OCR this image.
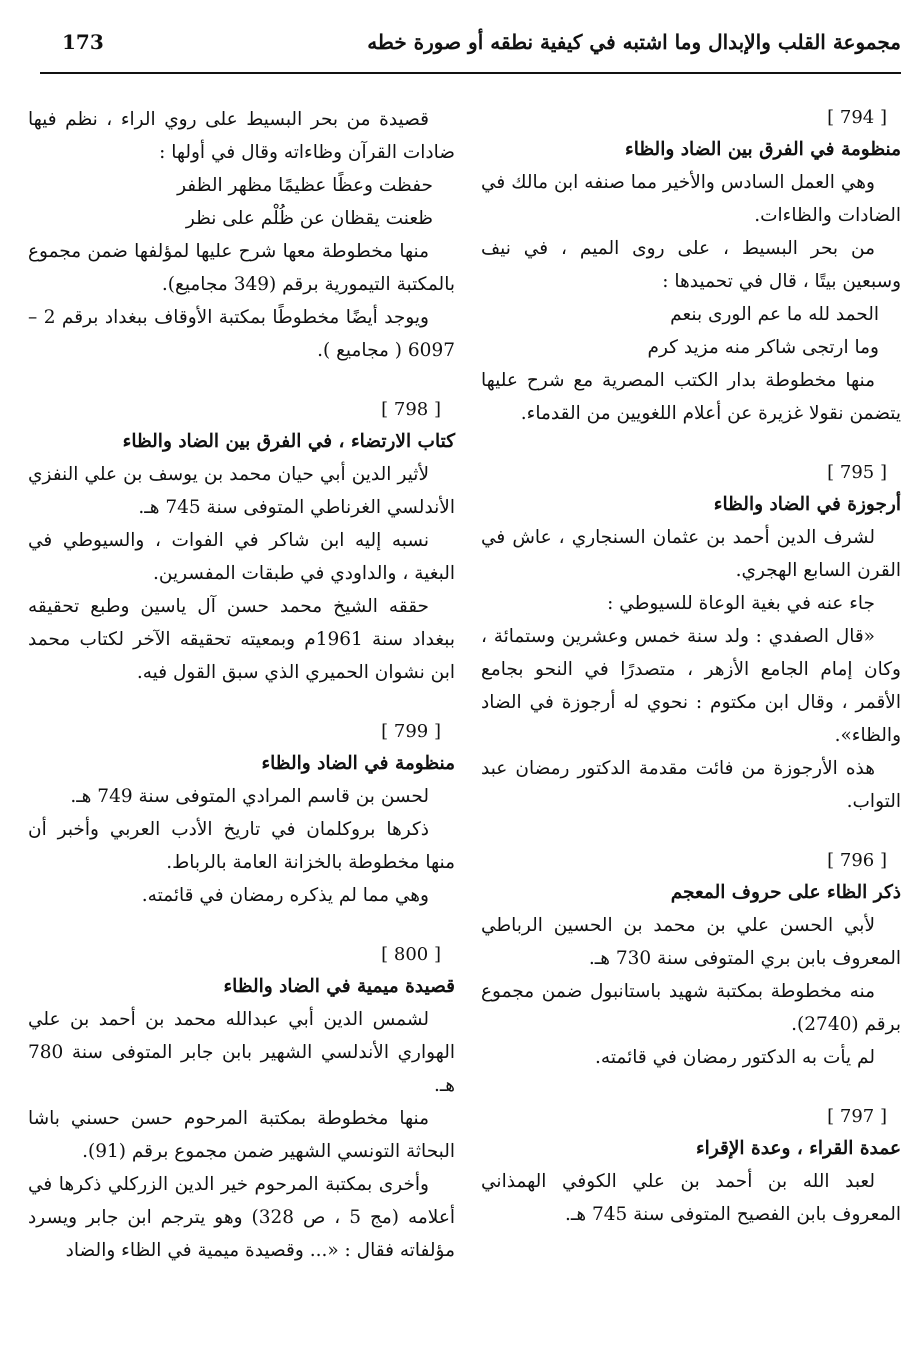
مجموعة القلب والإبدال وما اشتبه في كيفية نطقه أو صورة خطه
173
[ 794 ]
منظومة في الفرق بين الضاد والظاء
وهي العمل السادس والأخير مما صنفه ابن مالك في الضادات والظاءات.
من بحر البسيط ، على روى الميم ، في نيف وسبعين بيتًا ، قال في تحميدها :
الحمد لله ما عم الورى بنعم
وما ارتجى شاكر منه مزيد كرم
منها مخطوطة بدار الكتب المصرية مع شرح عليها يتضمن نقولا غزيرة عن أعلام اللغويين من القدماء.
[ 795 ]
أرجوزة في الضاد والظاء
لشرف الدين أحمد بن عثمان السنجاري ، عاش في القرن السابع الهجري.
جاء عنه في بغية الوعاة للسيوطي :
«قال الصفدي : ولد سنة خمس وعشرين وستمائة ، وكان إمام الجامع الأزهر ، متصدرًا في النحو بجامع الأقمر ، وقال ابن مكتوم : نحوي له أرجوزة في الضاد والظاء».
هذه الأرجوزة من فائت مقدمة الدكتور رمضان عبد التواب.
[ 796 ]
ذكر الظاء على حروف المعجم
لأبي الحسن علي بن محمد بن الحسين الرباطي المعروف بابن بري المتوفى سنة 730 هـ.
منه مخطوطة بمكتبة شهيد باستانبول ضمن مجموع برقم (2740).
لم يأت به الدكتور رمضان في قائمته.
[ 797 ]
عمدة القراء ، وعدة الإقراء
لعبد الله بن أحمد بن علي الكوفي الهمذاني المعروف بابن الفصيح المتوفى سنة 745 هـ.
قصيدة من بحر البسيط على روي الراء ، نظم فيها ضادات القرآن وظاءاته وقال في أولها :
حفظت وعظًا عظيمًا مظهر الظفر
ظعنت يقظان عن ظُلْم على نظر
منها مخطوطة معها شرح عليها لمؤلفها ضمن مجموع بالمكتبة التيمورية برقم (349 مجاميع).
ويوجد أيضًا مخطوطًا بمكتبة الأوقاف ببغداد برقم 2 – 6097 ( مجاميع ).
[ 798 ]
كتاب الارتضاء ، في الفرق بين الضاد والظاء
لأثير الدين أبي حيان محمد بن يوسف بن علي النفزي الأندلسي الغرناطي المتوفى سنة 745 هـ.
نسبه إليه ابن شاكر في الفوات ، والسيوطي في البغية ، والداودي في طبقات المفسرين.
حققه الشيخ محمد حسن آل ياسين وطبع تحقيقه ببغداد سنة 1961م وبمعيته تحقيقه الآخر لكتاب محمد ابن نشوان الحميري الذي سبق القول فيه.
[ 799 ]
منظومة في الضاد والظاء
لحسن بن قاسم المرادي المتوفى سنة 749 هـ.
ذكرها بروكلمان في تاريخ الأدب العربي وأخبر أن منها مخطوطة بالخزانة العامة بالرباط.
وهي مما لم يذكره رمضان في قائمته.
[ 800 ]
قصيدة ميمية في الضاد والظاء
لشمس الدين أبي عبدالله محمد بن أحمد بن علي الهواري الأندلسي الشهير بابن جابر المتوفى سنة 780 هـ.
منها مخطوطة بمكتبة المرحوم حسن حسني باشا البحاثة التونسي الشهير ضمن مجموع برقم (91).
وأخرى بمكتبة المرحوم خير الدين الزركلي ذكرها في أعلامه (مج 5 ، ص 328) وهو يترجم ابن جابر ويسرد مؤلفاته فقال : «... وقصيدة ميمية في الظاء والضاد
